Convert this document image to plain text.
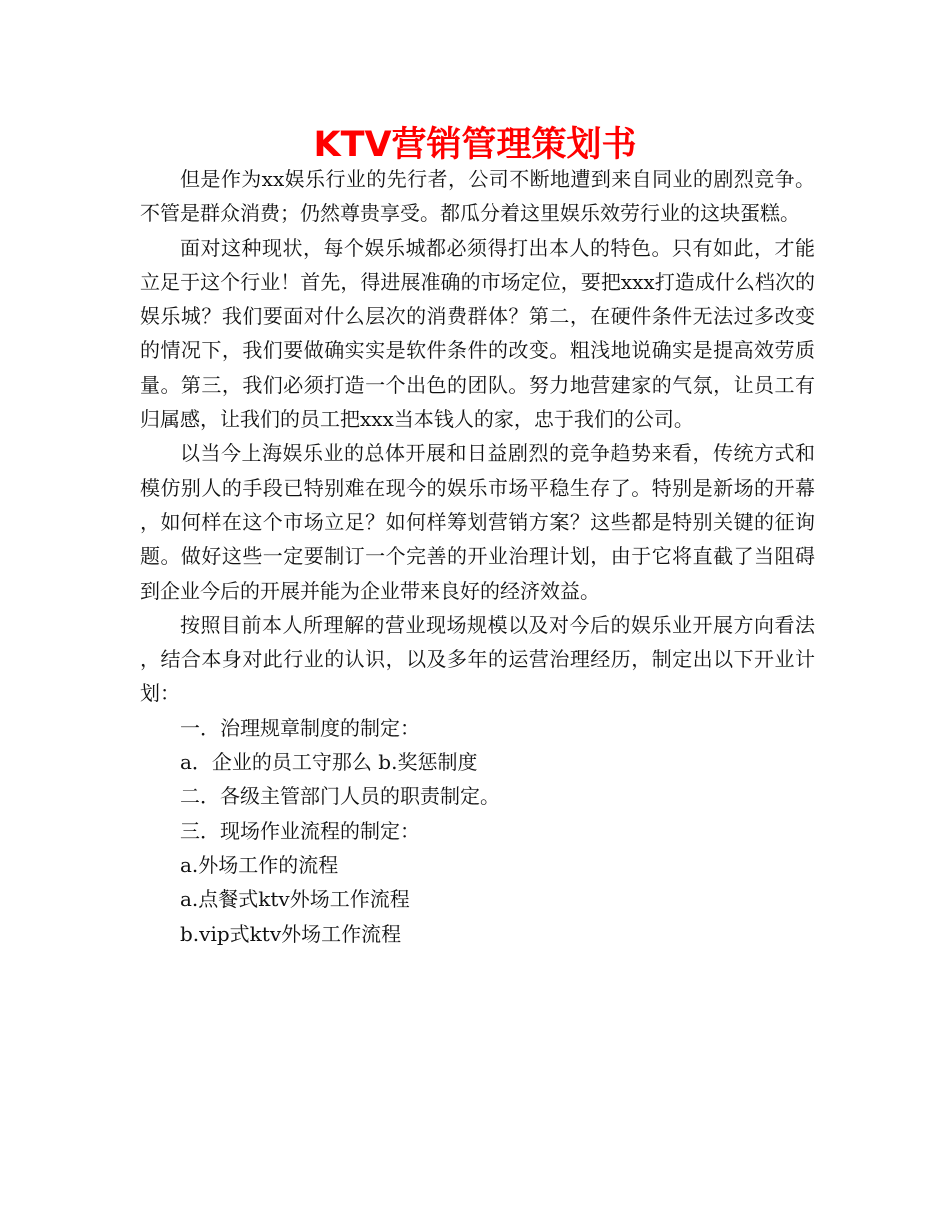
KTV营销管理策划书

但是作为xx娱乐行业的先行者，公司不断地遭到来自同业的剧烈竞争。不管是群众消费；仍然尊贵享受。都瓜分着这里娱乐效劳行业的这块蛋糕。

面对这种现状，每个娱乐城都必须得打出本人的特色。只有如此，才能立足于这个行业！首先，得进展准确的市场定位，要把xxx打造成什么档次的娱乐城？我们要面对什么层次的消费群体？第二，在硬件条件无法过多改变的情况下，我们要做确实实是软件条件的改变。粗浅地说确实是提高效劳质量。第三，我们必须打造一个出色的团队。努力地营建家的气氛，让员工有归属感，让我们的员工把xxx当本钱人的家，忠于我们的公司。

以当今上海娱乐业的总体开展和日益剧烈的竞争趋势来看，传统方式和模仿别人的手段已特别难在现今的娱乐市场平稳生存了。特别是新场的开幕，如何样在这个市场立足？如何样筹划营销方案？这些都是特别关键的征询题。做好这些一定要制订一个完善的开业治理计划，由于它将直截了当阻碍到企业今后的开展并能为企业带来良好的经济效益。

按照目前本人所理解的营业现场规模以及对今后的娱乐业开展方向看法，结合本身对此行业的认识，以及多年的运营治理经历，制定出以下开业计划：

一．治理规章制度的制定：

a．企业的员工守那么 b.奖惩制度

二．各级主管部门人员的职责制定。

三．现场作业流程的制定：

a.外场工作的流程

a.点餐式ktv外场工作流程

b.vip式ktv外场工作流程
